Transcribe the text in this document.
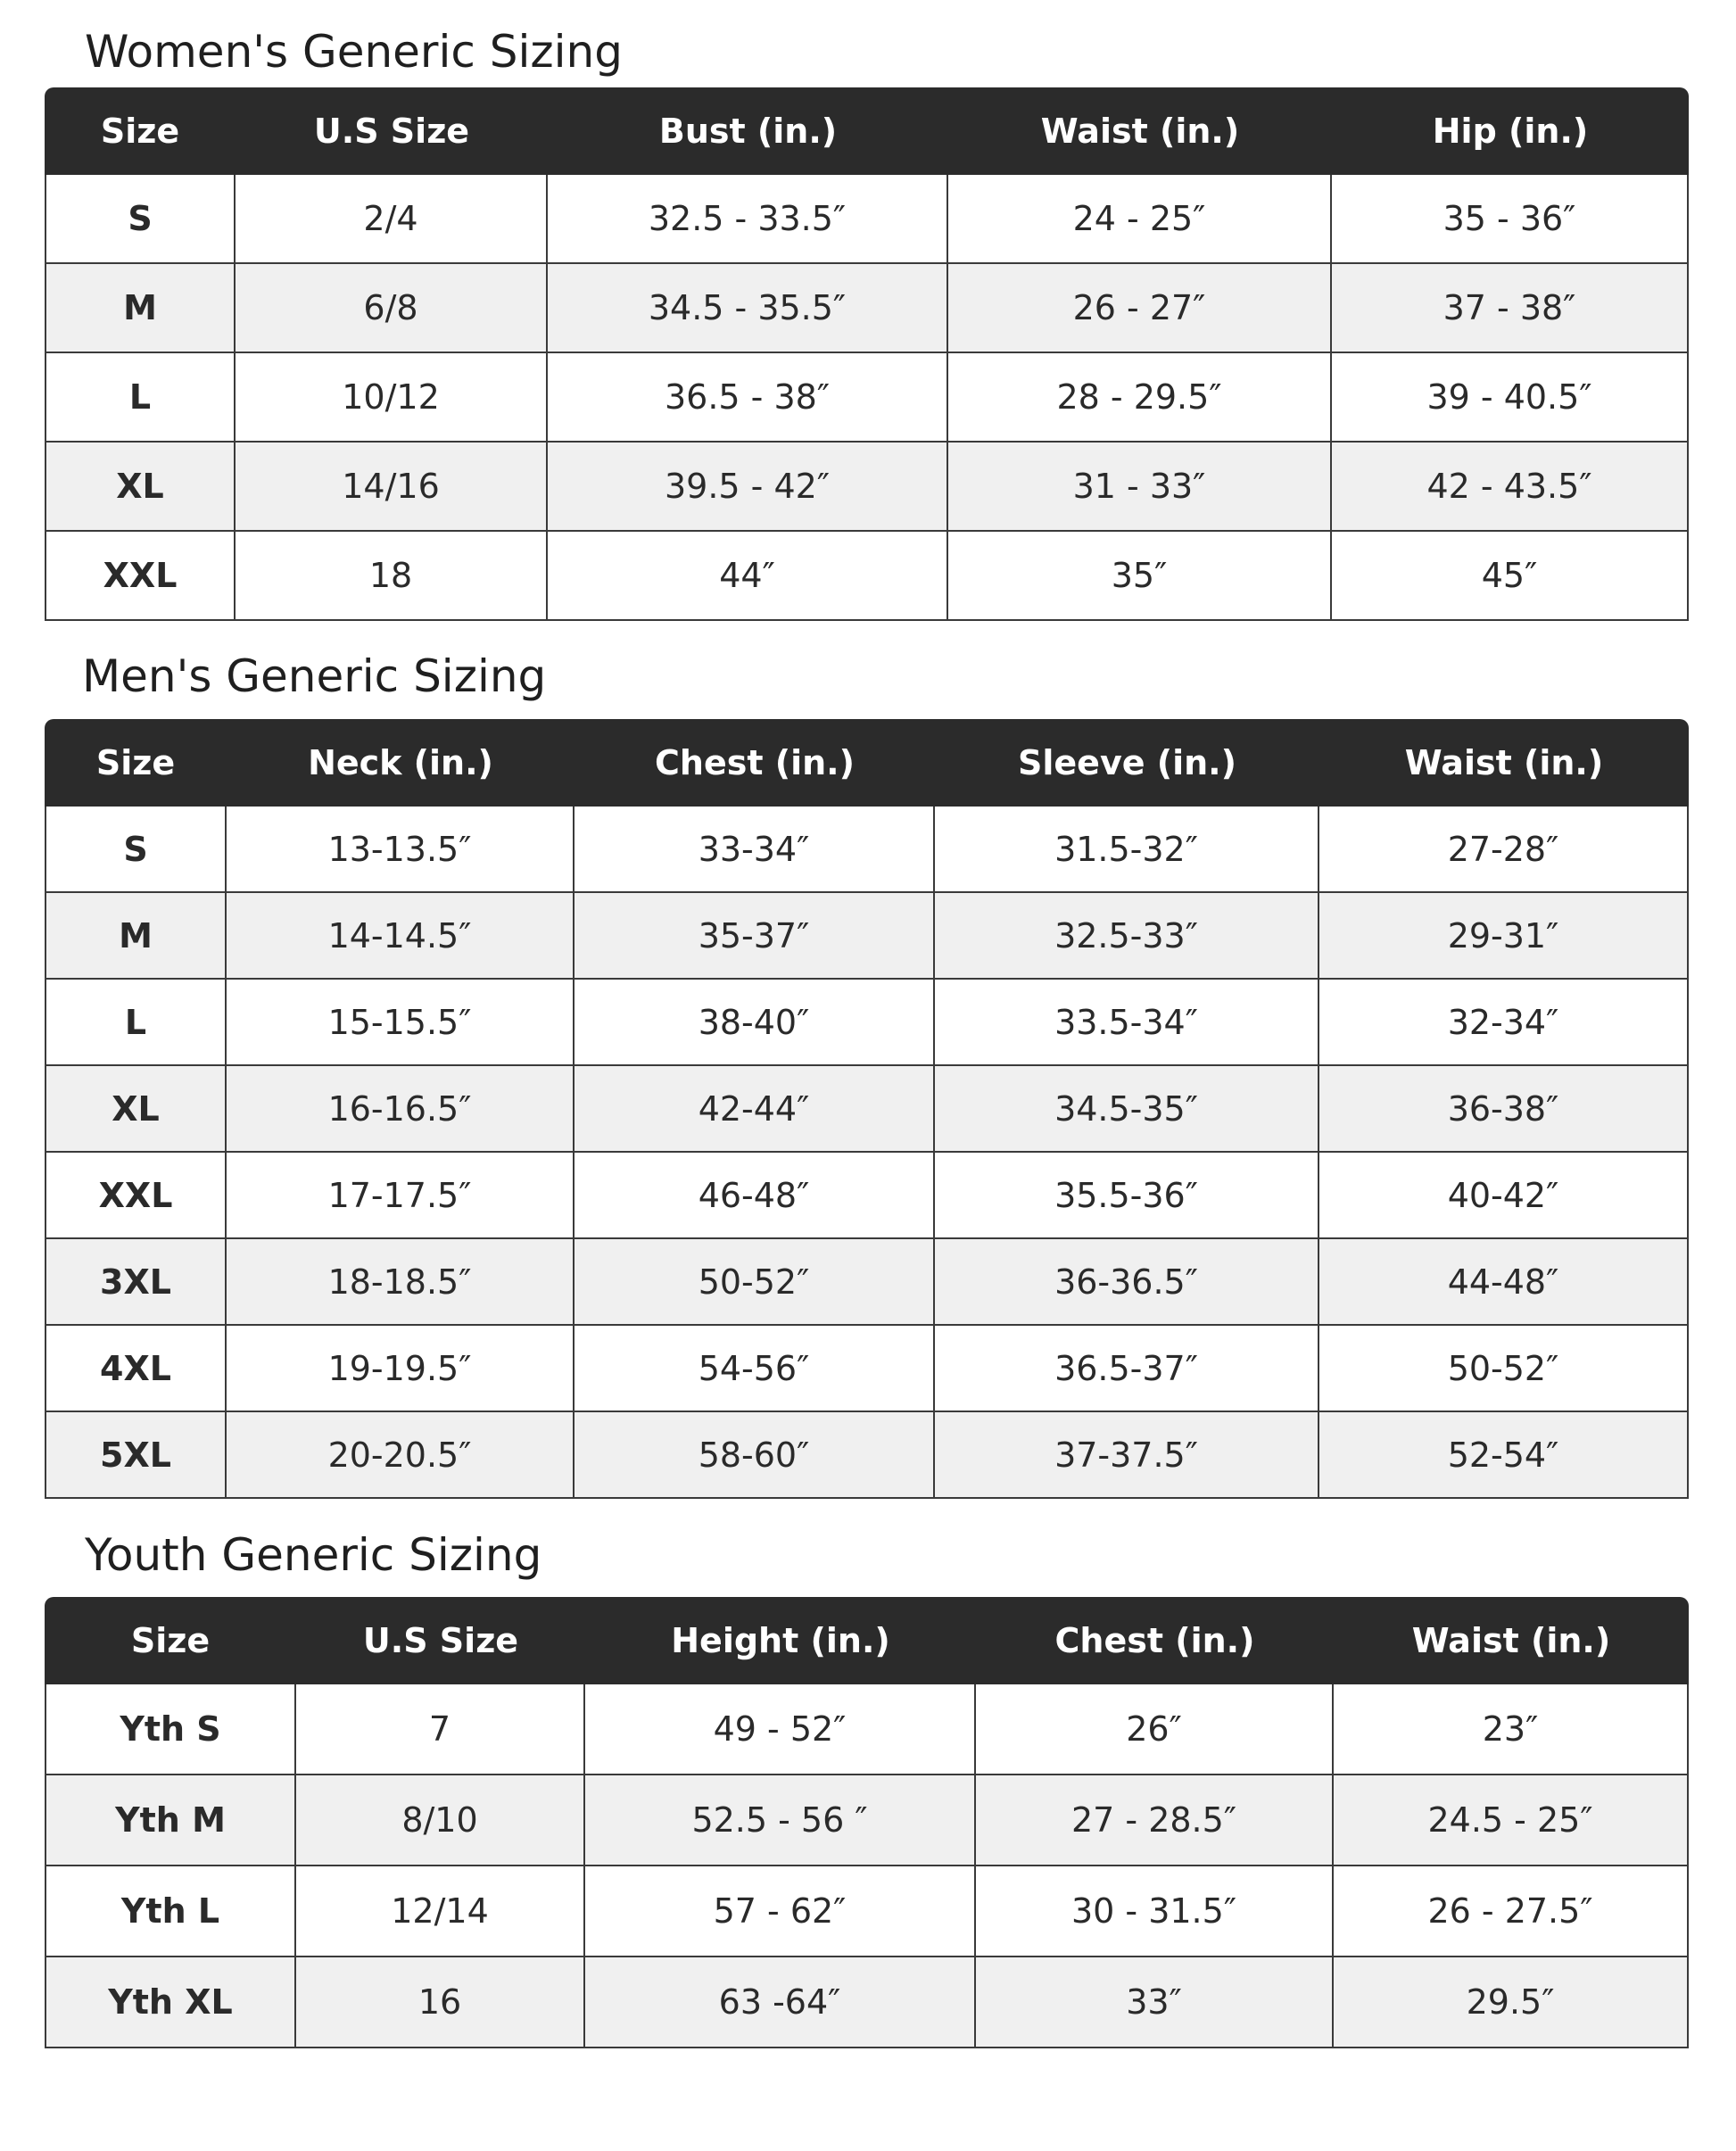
Women's Generic Sizing
Size	U.S Size	Bust (in.)	Waist (in.)	Hip (in.)
S	2/4	32.5 - 33.5″	24 - 25″	35 - 36″
M	6/8	34.5 - 35.5″	26 - 27″	37 - 38″
L	10/12	36.5 - 38″	28 - 29.5″	39 - 40.5″
XL	14/16	39.5 - 42″	31 - 33″	42 - 43.5″
XXL	18	44″	35″	45″
Men's Generic Sizing
Size	Neck (in.)	Chest (in.)	Sleeve (in.)	Waist (in.)
S	13-13.5″	33-34″	31.5-32″	27-28″
M	14-14.5″	35-37″	32.5-33″	29-31″
L	15-15.5″	38-40″	33.5-34″	32-34″
XL	16-16.5″	42-44″	34.5-35″	36-38″
XXL	17-17.5″	46-48″	35.5-36″	40-42″
3XL	18-18.5″	50-52″	36-36.5″	44-48″
4XL	19-19.5″	54-56″	36.5-37″	50-52″
5XL	20-20.5″	58-60″	37-37.5″	52-54″
Youth Generic Sizing
Size	U.S Size	Height (in.)	Chest (in.)	Waist (in.)
Yth S	7	49 - 52″	26″	23″
Yth M	8/10	52.5 - 56 ″	27 - 28.5″	24.5 - 25″
Yth L	12/14	57 - 62″	30 - 31.5″	26 - 27.5″
Yth XL	16	63 -64″	33″	29.5″
